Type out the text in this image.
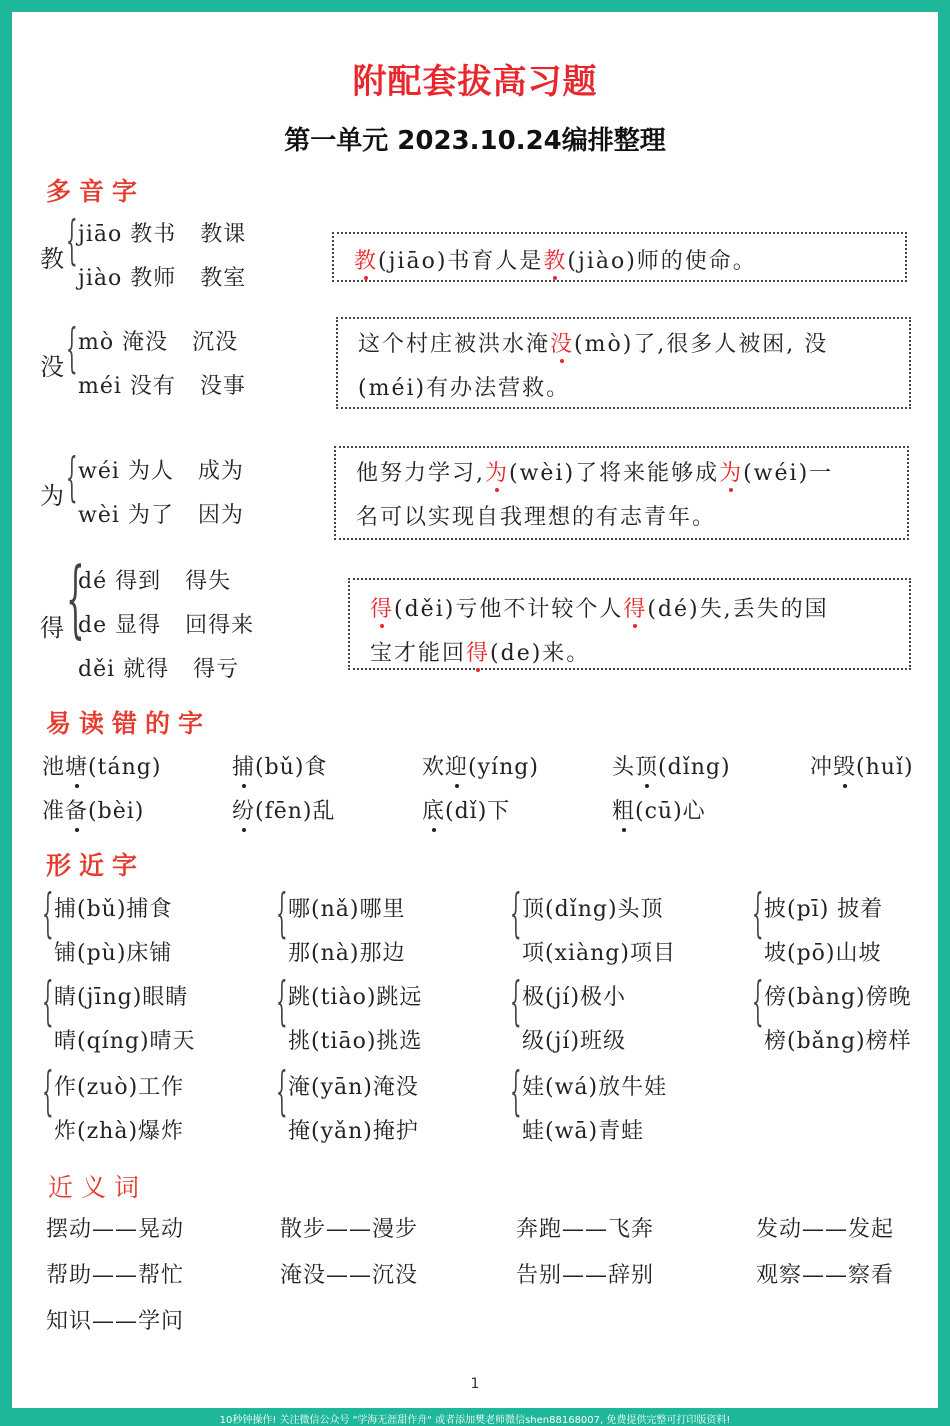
附配套拔高习题
第一单元 2023.10.24编排整理
多音字
教 { jiāo 教书   教课
jiào 教师   教室
教(jiāo)书育人是教(jiào)师的使命。
没 { mò 淹没   沉没
méi 没有   没事
这个村庄被洪水淹没(mò)了,很多人被困, 没
(méi)有办法营救。
为 { wéi 为人   成为
wèi 为了   因为
他努力学习,为(wèi)了将来能够成为(wéi)一
名可以实现自我理想的有志青年。
得 {
dé 得到   得失
de 显得   回得来
děi 就得   得亏
得(děi)亏他不计较个人得(dé)失,丢失的国
宝才能回得(de)来。
易读错的字
池塘(táng)	捕(bǔ)食	欢迎(yíng)	头顶(dǐng)	冲毁(huǐ)
准备(bèi)	纷(fēn)乱	底(dǐ)下	粗(cū)心
形近字
{ 捕(bǔ)捕食
铺(pù)床铺
{ 哪(nǎ)哪里
那(nà)那边
{ 顶(dǐng)头顶
项(xiàng)项目
{ 披(pī) 披着
坡(pō)山坡
{ 睛(jīng)眼睛
晴(qíng)晴天
{ 跳(tiào)跳远
挑(tiāo)挑选
{ 极(jí)极小
级(jí)班级
{ 傍(bàng)傍晚
榜(bǎng)榜样
{ 作(zuò)工作
炸(zhà)爆炸
{ 淹(yān)淹没
掩(yǎn)掩护
{ 娃(wá)放牛娃
蛙(wā)青蛙
近义词
摆动——晃动	散步——漫步	奔跑——飞奔	发动——发起
帮助——帮忙	淹没——沉没	告别——辞别	观察——察看
知识——学问
1
10秒钟操作! 关注微信公众号 "学海无涯甜作舟" 或者添加樊老师微信shen88168007, 免费提供完整可打印版资料!
